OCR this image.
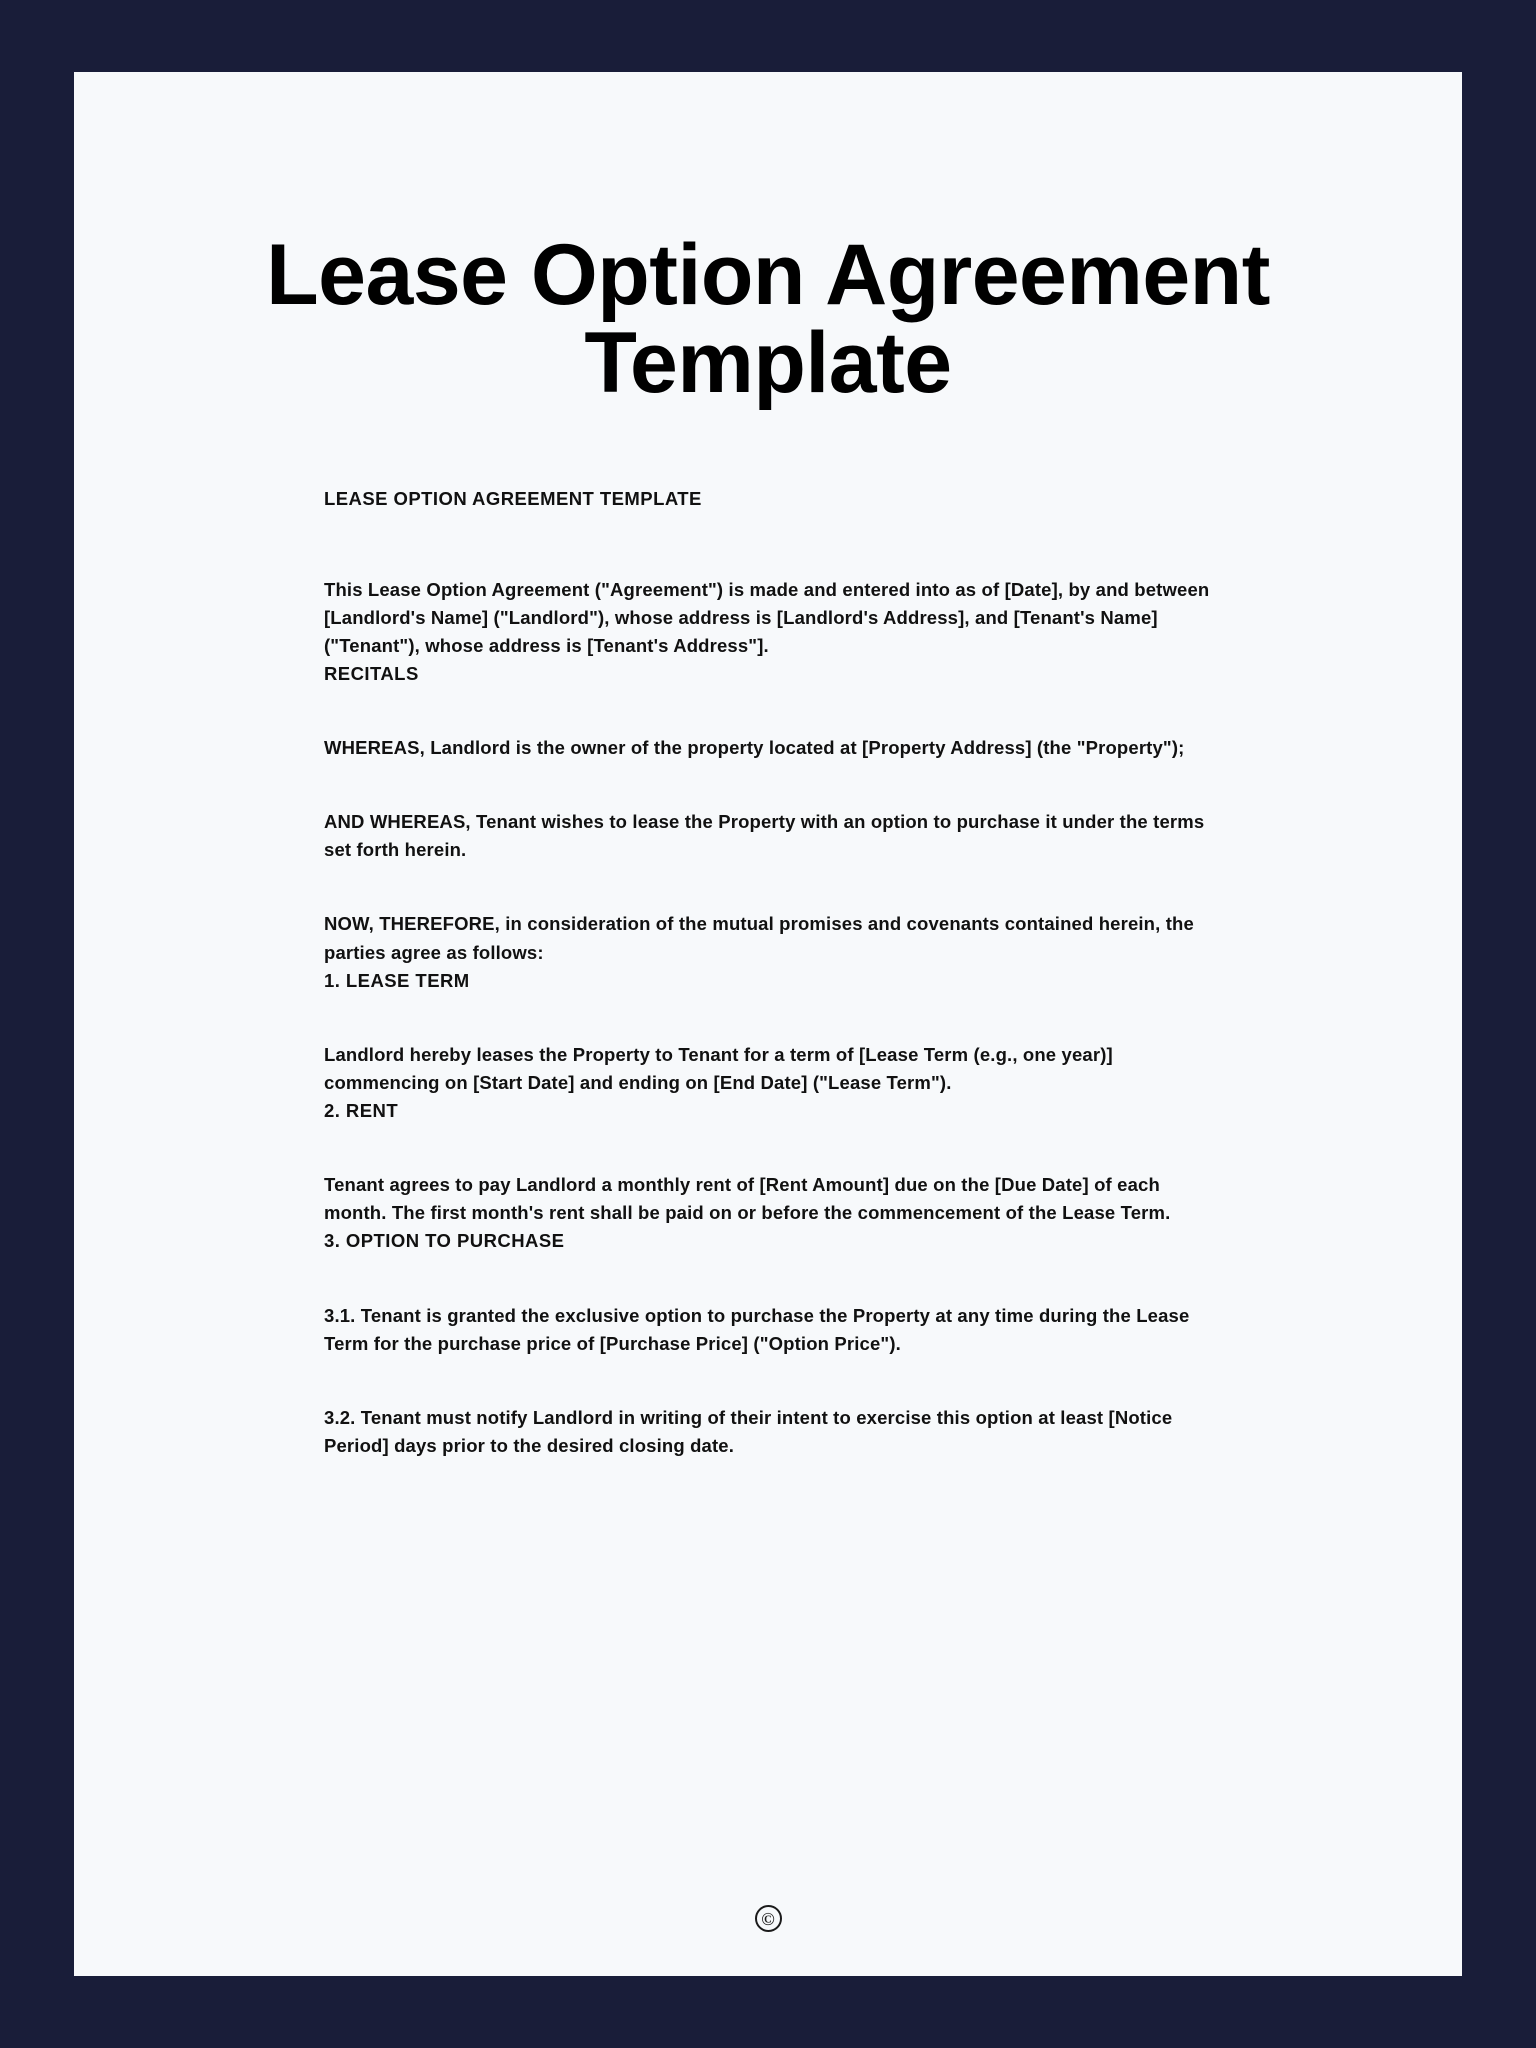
Lease Option Agreement Template

LEASE OPTION AGREEMENT TEMPLATE

This Lease Option Agreement ("Agreement") is made and entered into as of [Date], by and between [Landlord's Name] ("Landlord"), whose address is [Landlord's Address], and [Tenant's Name] ("Tenant"), whose address is [Tenant's Address"].

RECITALS

WHEREAS, Landlord is the owner of the property located at [Property Address] (the "Property");

AND WHEREAS, Tenant wishes to lease the Property with an option to purchase it under the terms set forth herein.

NOW, THEREFORE, in consideration of the mutual promises and covenants contained herein, the parties agree as follows:

1. LEASE TERM

Landlord hereby leases the Property to Tenant for a term of [Lease Term (e.g., one year)] commencing on [Start Date] and ending on [End Date] ("Lease Term").

2. RENT

Tenant agrees to pay Landlord a monthly rent of [Rent Amount] due on the [Due Date] of each month. The first month's rent shall be paid on or before the commencement of the Lease Term.

3. OPTION TO PURCHASE

3.1. Tenant is granted the exclusive option to purchase the Property at any time during the Lease Term for the purchase price of [Purchase Price] ("Option Price").

3.2. Tenant must notify Landlord in writing of their intent to exercise this option at least [Notice Period] days prior to the desired closing date.

©
